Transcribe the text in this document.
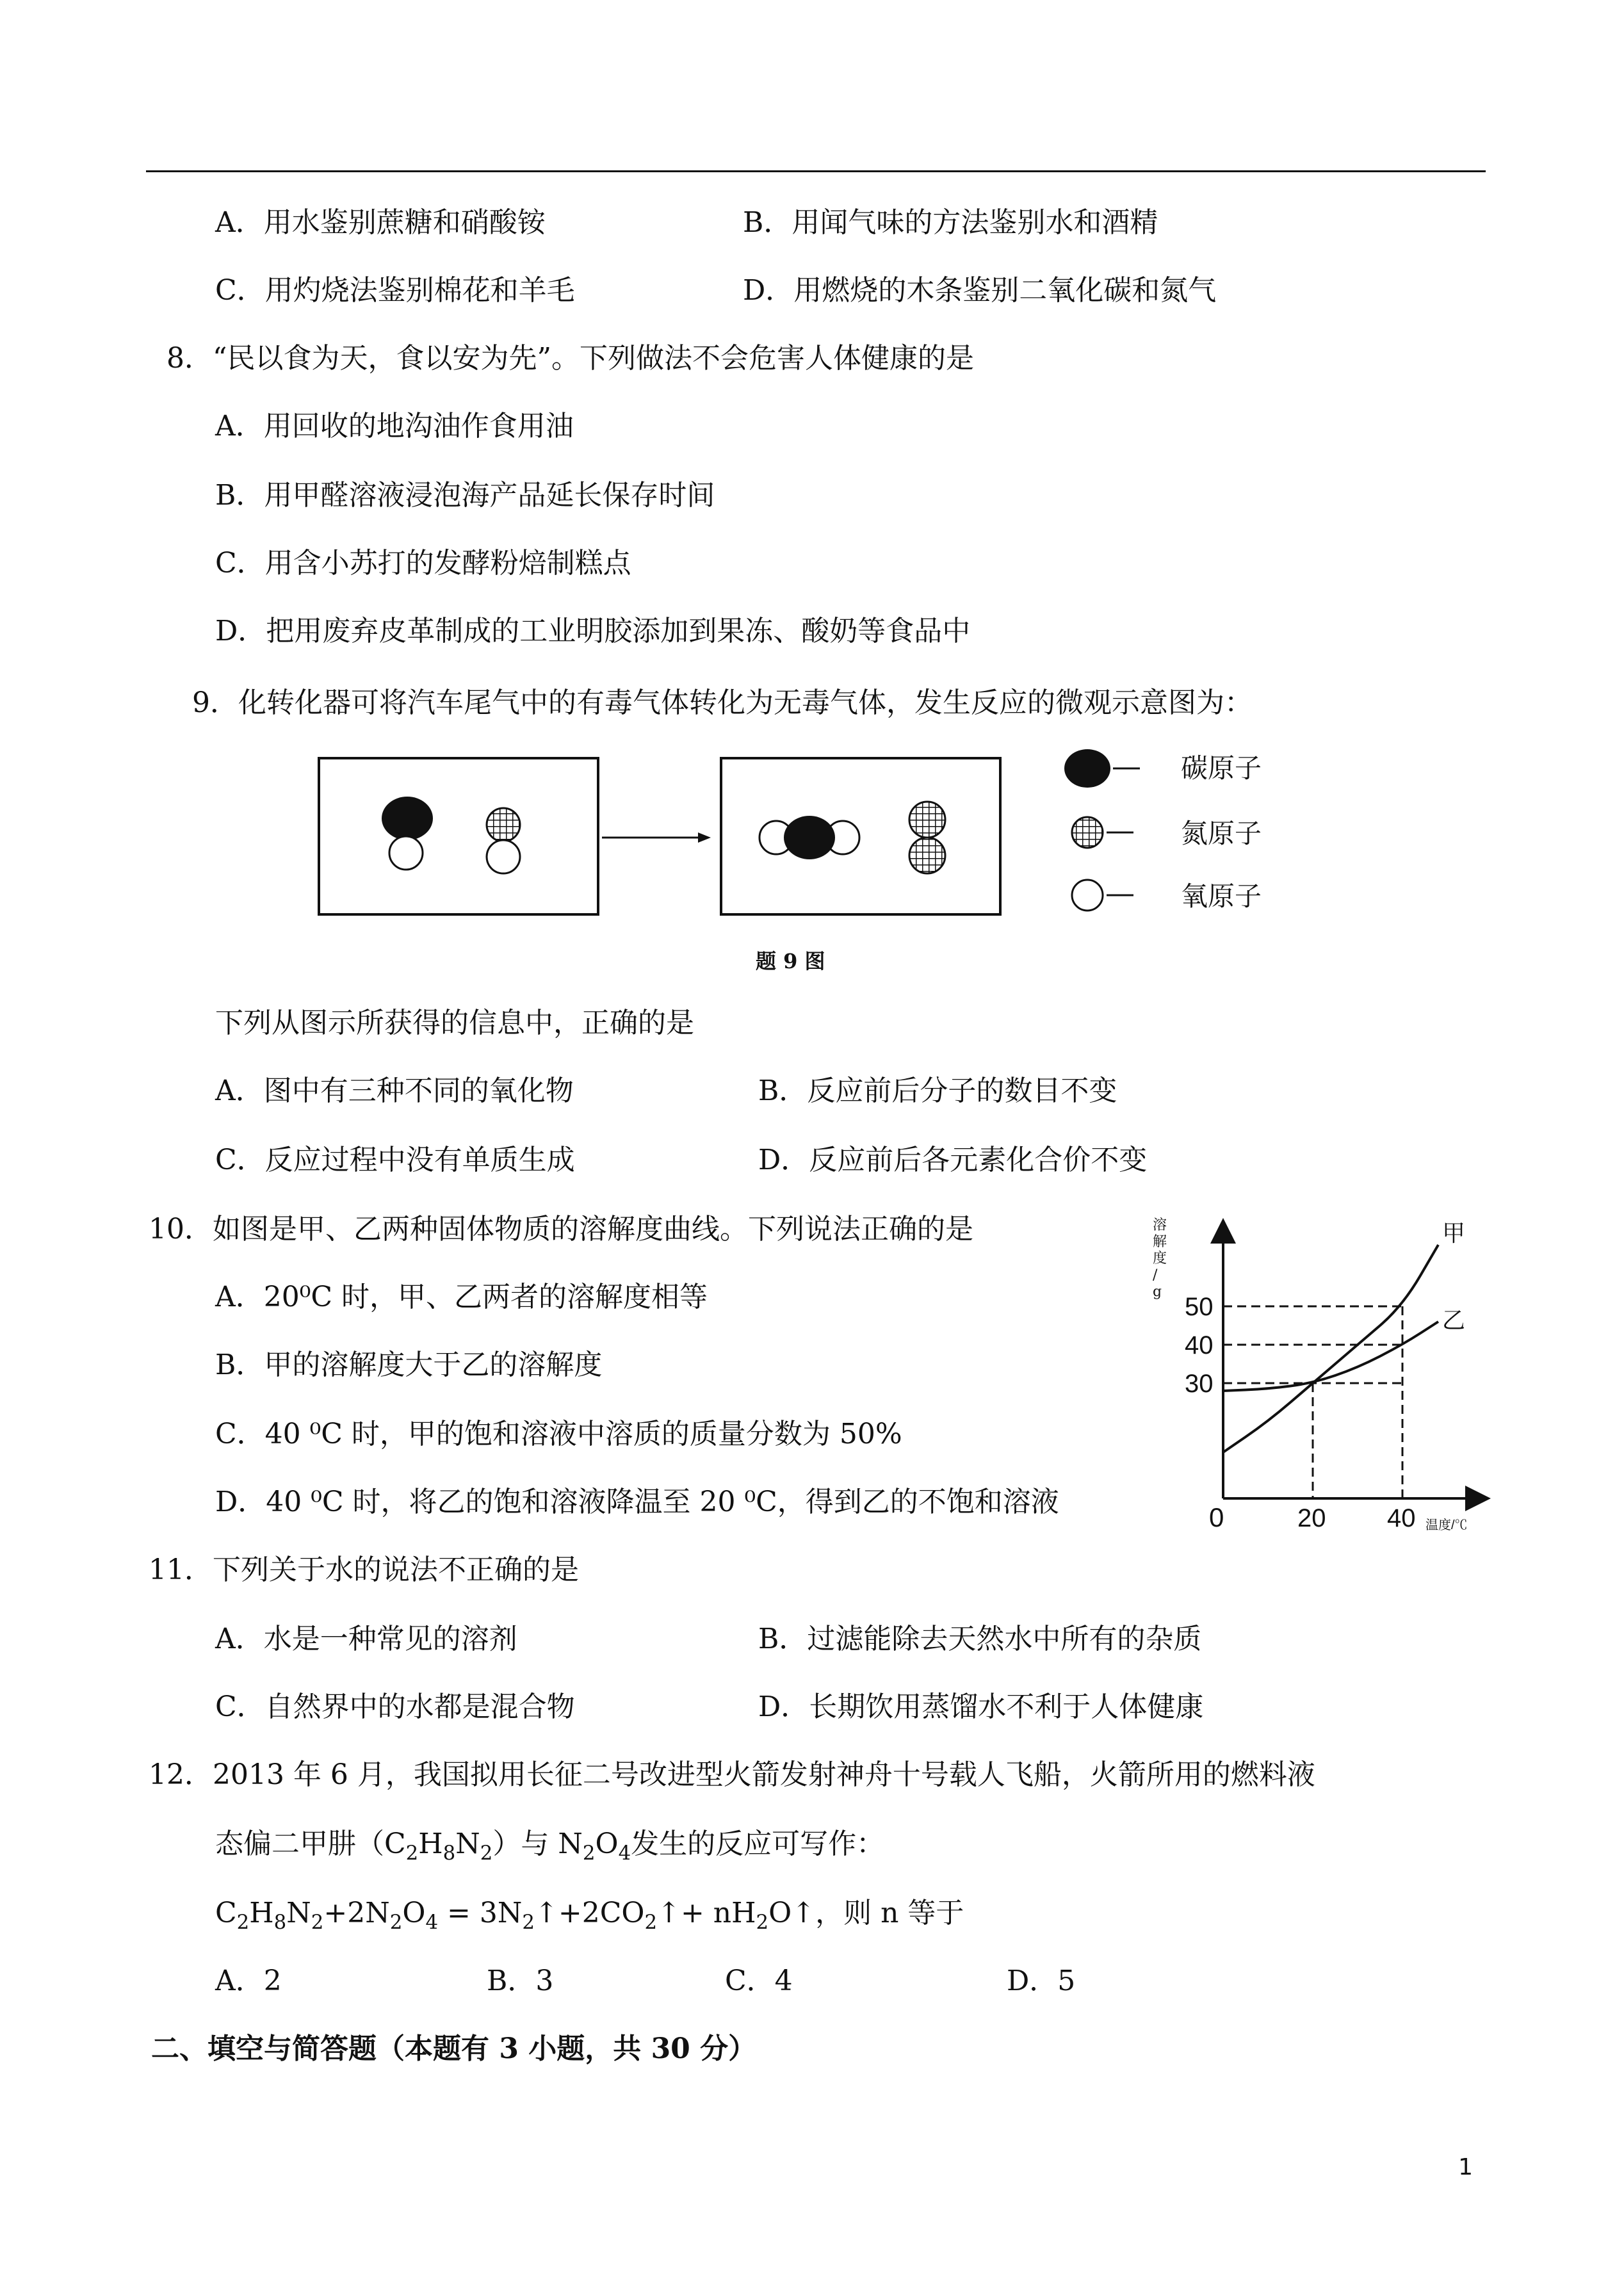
A．用水鉴别蔗糖和硝酸铵	B．用闻气味的方法鉴别水和酒精
C．用灼烧法鉴别棉花和羊毛	D．用燃烧的木条鉴别二氧化碳和氮气
8．“民以食为天，食以安为先”。下列做法不会危害人体健康的是
A．用回收的地沟油作食用油
B．用甲醛溶液浸泡海产品延长保存时间
C．用含小苏打的发酵粉焙制糕点
D．把用废弃皮革制成的工业明胶添加到果冻、酸奶等食品中
9．化转化器可将汽车尾气中的有毒气体转化为无毒气体，发生反应的微观示意图为：
碳原子
氮原子
氧原子
题 9 图
下列从图示所获得的信息中，正确的是
A．图中有三种不同的氧化物	B．反应前后分子的数目不变
C．反应过程中没有单质生成	D．反应前后各元素化合价不变
10．如图是甲、乙两种固体物质的溶解度曲线。下列说法正确的是
A．20⁰C 时，甲、乙两者的溶解度相等
B．甲的溶解度大于乙的溶解度
C．40 ⁰C 时，甲的饱和溶液中溶质的质量分数为 50%
D．40 ⁰C 时，将乙的饱和溶液降温至 20 ⁰C，得到乙的不饱和溶液
溶
解
度
/
g
0	温度/℃
30
40
50
20 40
甲
乙
11．下列关于水的说法不正确的是
A．水是一种常见的溶剂	B．过滤能除去天然水中所有的杂质
C．自然界中的水都是混合物	D．长期饮用蒸馏水不利于人体健康
12．2013 年 6 月，我国拟用长征二号改进型火箭发射神舟十号载人飞船，火箭所用的燃料液
态偏二甲肼$(C_2H_8N_2)$与 $N_2O_4$发生的反应可写作：
$C_2H_8N_2+2N_2O_4$ = $3N_2↑+2CO_2↑+$ $nH_2O↑$，则 n 等于
A．2	B．3	C．4	D．5
二、填空与简答题（本题有 3 小题，共 30 分）
1
